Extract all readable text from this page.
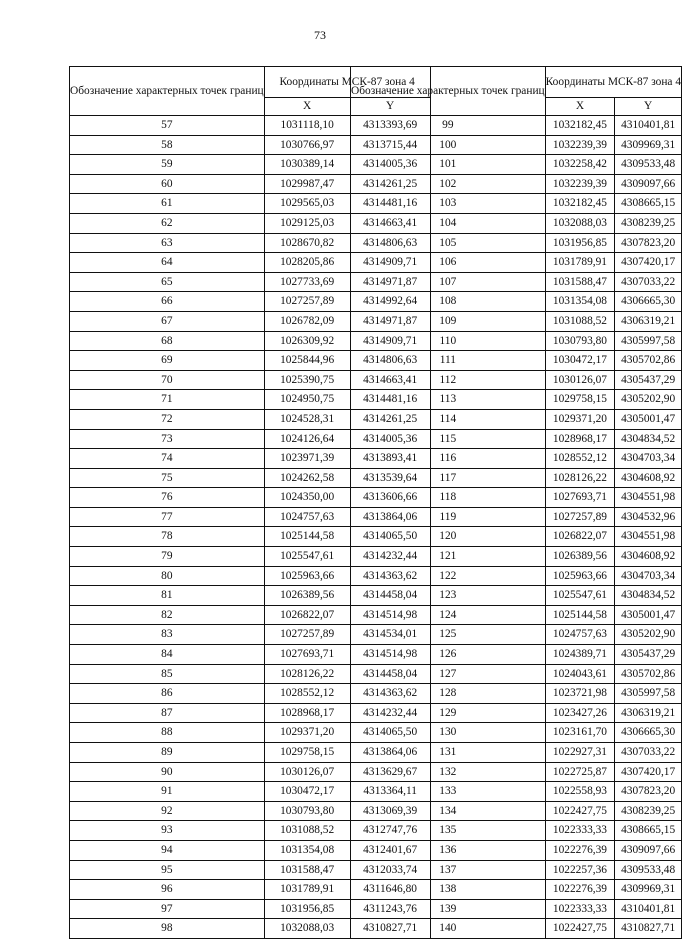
73
Обозначение характерных точек границ	Координаты МСК-87 зона 4	
	X	Y
57	1031118,10	4313393,69
58	1030766,97	4313715,44
59	1030389,14	4314005,36
60	1029987,47	4314261,25
61	1029565,03	4314481,16
62	1029125,03	4314663,41
63	1028670,82	4314806,63
64	1028205,86	4314909,71
65	1027733,69	4314971,87
66	1027257,89	4314992,64
67	1026782,09	4314971,87
68	1026309,92	4314909,71
69	1025844,96	4314806,63
70	1025390,75	4314663,41
71	1024950,75	4314481,16
72	1024528,31	4314261,25
73	1024126,64	4314005,36
74	1023971,39	4313893,41
75	1024262,58	4313539,64
76	1024350,00	4313606,66
77	1024757,63	4313864,06
78	1025144,58	4314065,50
79	1025547,61	4314232,44
80	1025963,66	4314363,62
81	1026389,56	4314458,04
82	1026822,07	4314514,98
83	1027257,89	4314534,01
84	1027693,71	4314514,98
85	1028126,22	4314458,04
86	1028552,12	4314363,62
87	1028968,17	4314232,44
88	1029371,20	4314065,50
89	1029758,15	4313864,06
90	1030126,07	4313629,67
91	1030472,17	4313364,11
92	1030793,80	4313069,39
93	1031088,52	4312747,76
94	1031354,08	4312401,67
95	1031588,47	4312033,74
96	1031789,91	4311646,80
97	1031956,85	4311243,76
98	1032088,03	4310827,71
Обозначение характерных точек границ	Координаты МСК-87 зона 4	
	X	Y
99	1032182,45	4310401,81
100	1032239,39	4309969,31
101	1032258,42	4309533,48
102	1032239,39	4309097,66
103	1032182,45	4308665,15
104	1032088,03	4308239,25
105	1031956,85	4307823,20
106	1031789,91	4307420,17
107	1031588,47	4307033,22
108	1031354,08	4306665,30
109	1031088,52	4306319,21
110	1030793,80	4305997,58
111	1030472,17	4305702,86
112	1030126,07	4305437,29
113	1029758,15	4305202,90
114	1029371,20	4305001,47
115	1028968,17	4304834,52
116	1028552,12	4304703,34
117	1028126,22	4304608,92
118	1027693,71	4304551,98
119	1027257,89	4304532,96
120	1026822,07	4304551,98
121	1026389,56	4304608,92
122	1025963,66	4304703,34
123	1025547,61	4304834,52
124	1025144,58	4305001,47
125	1024757,63	4305202,90
126	1024389,71	4305437,29
127	1024043,61	4305702,86
128	1023721,98	4305997,58
129	1023427,26	4306319,21
130	1023161,70	4306665,30
131	1022927,31	4307033,22
132	1022725,87	4307420,17
133	1022558,93	4307823,20
134	1022427,75	4308239,25
135	1022333,33	4308665,15
136	1022276,39	4309097,66
137	1022257,36	4309533,48
138	1022276,39	4309969,31
139	1022333,33	4310401,81
140	1022427,75	4310827,71
